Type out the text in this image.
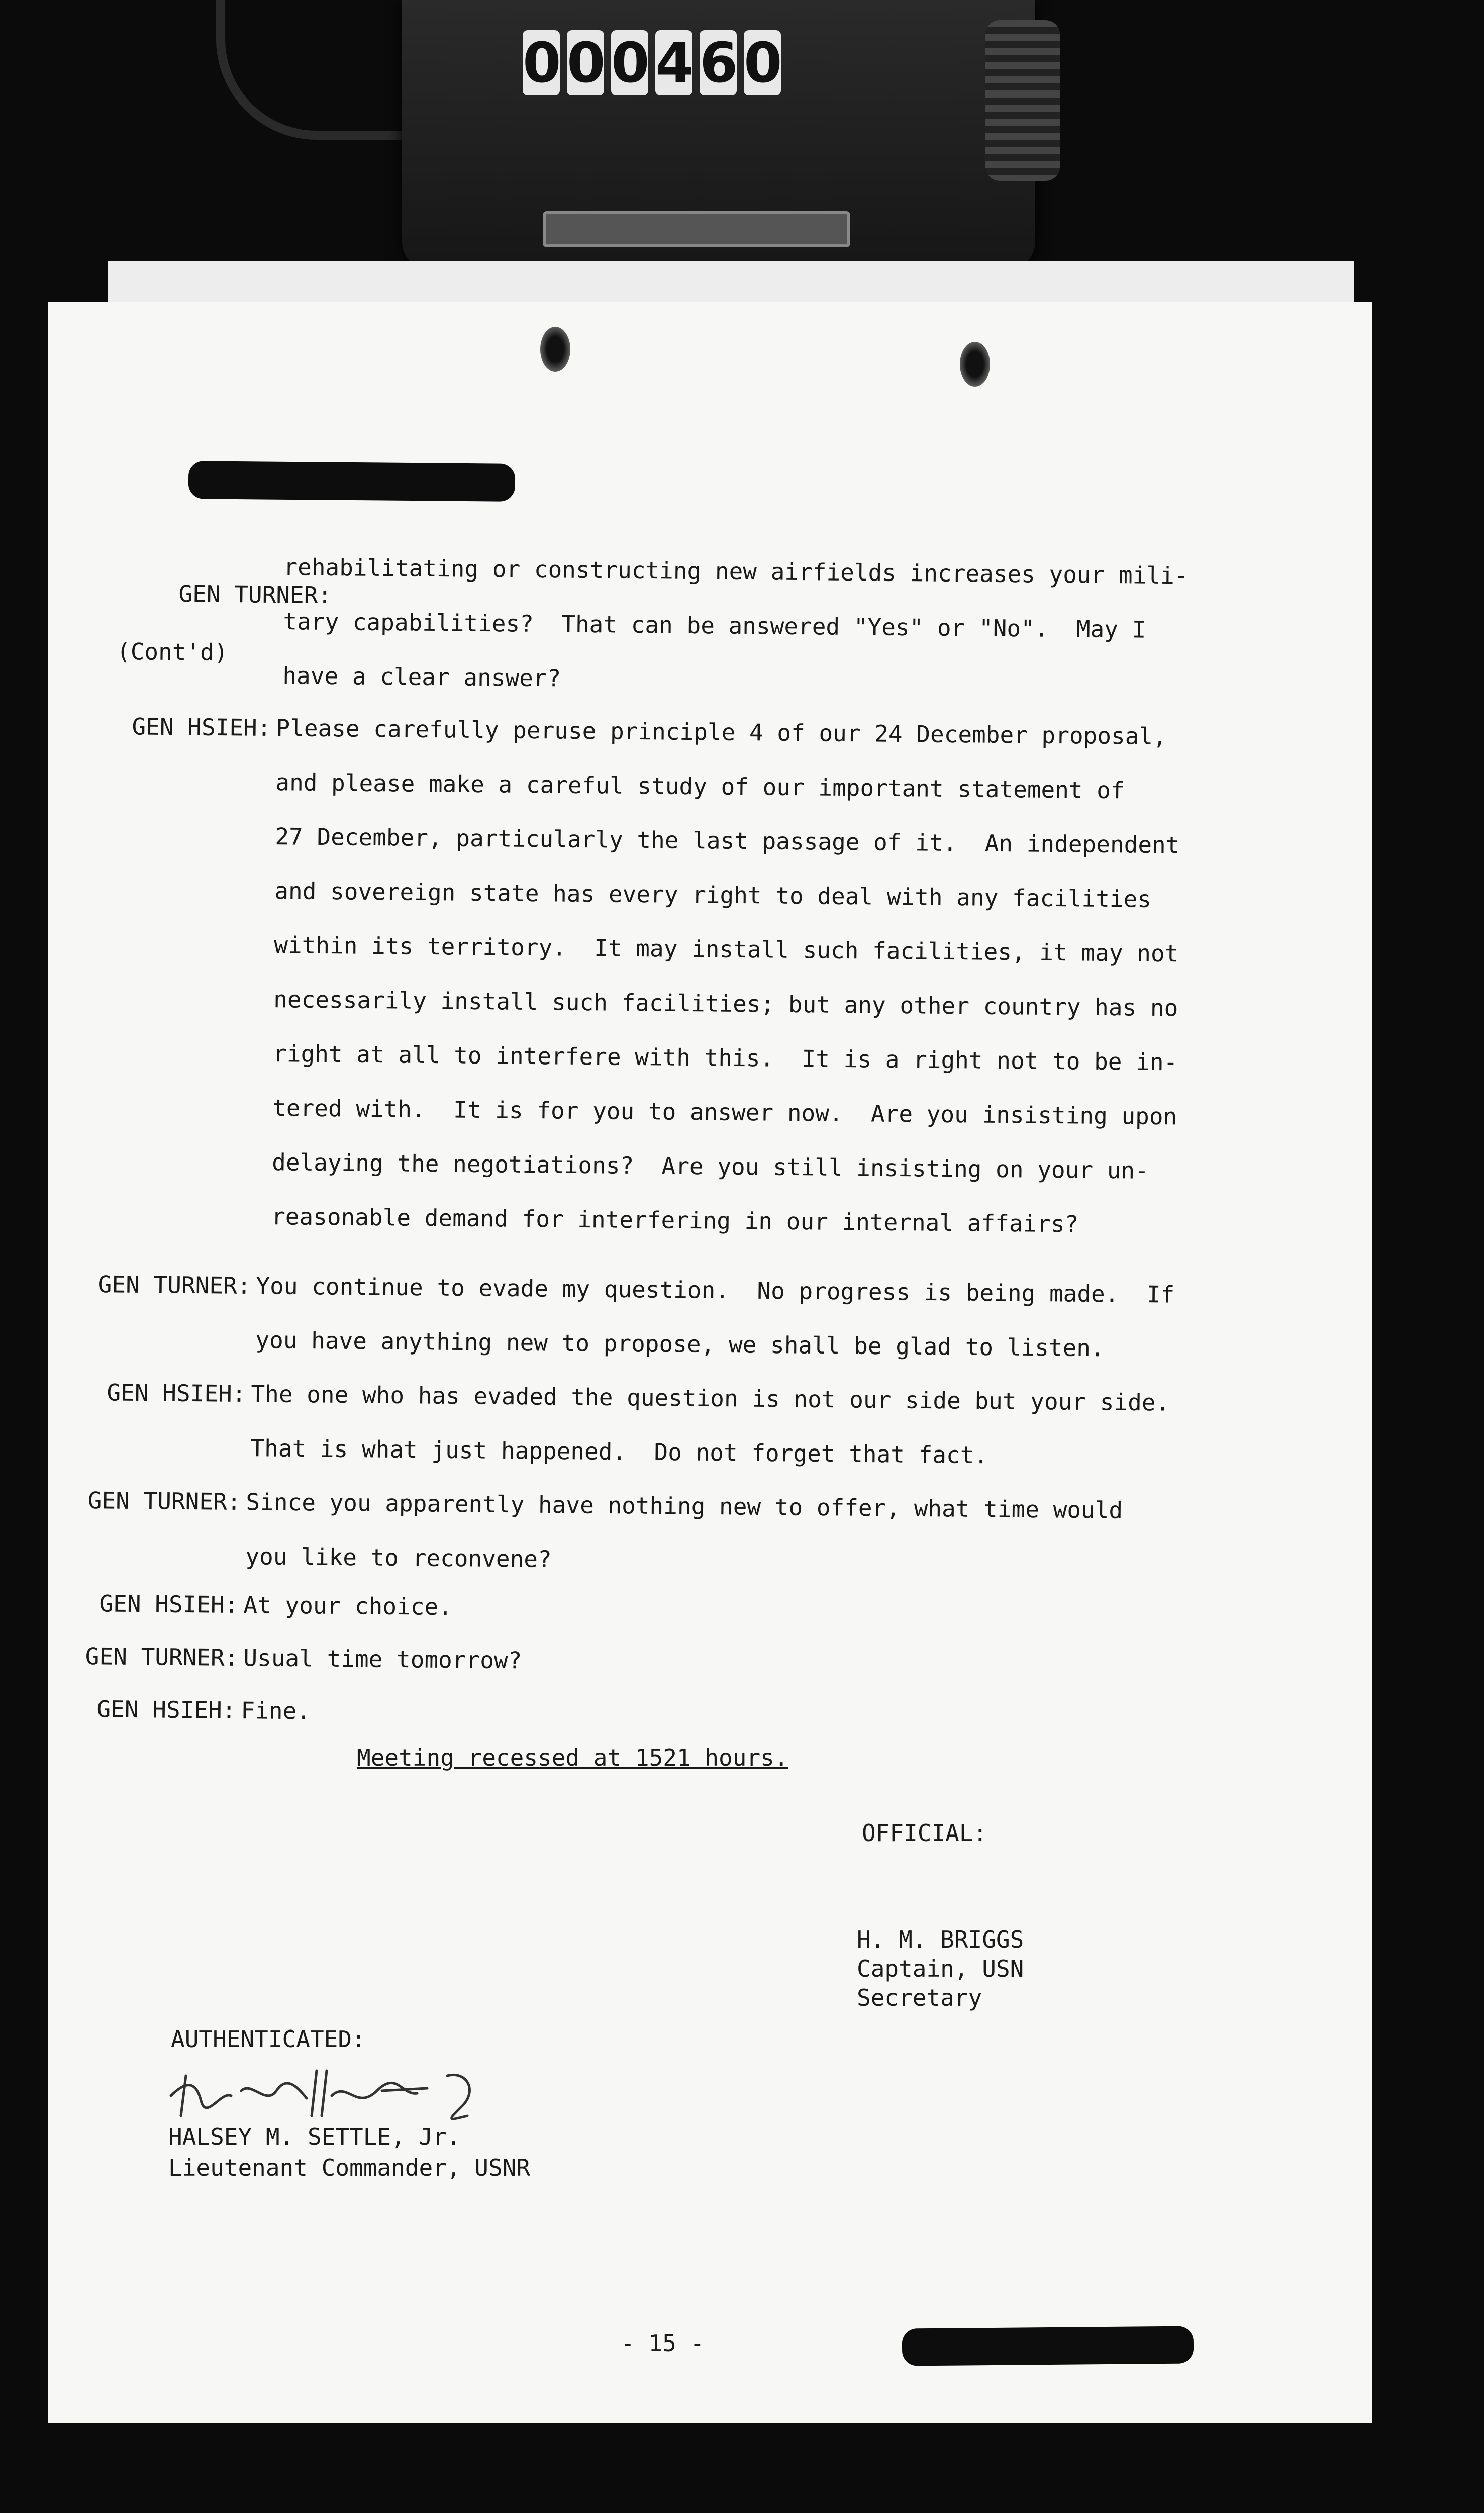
0 0 0 4 6 0

GEN TURNER:

(Cont'd)

rehabilitating or constructing new airfields increases your mili-
tary capabilities?  That can be answered "Yes" or "No".  May I
have a clear answer?
GEN HSIEH: Please carefully peruse principle 4 of our 24 December proposal,
and please make a careful study of our important statement of
27 December, particularly the last passage of it.  An independent
and sovereign state has every right to deal with any facilities
within its territory.  It may install such facilities, it may not
necessarily install such facilities; but any other country has no
right at all to interfere with this.  It is a right not to be in-
tered with.  It is for you to answer now.  Are you insisting upon
delaying the negotiations?  Are you still insisting on your un-
reasonable demand for interfering in our internal affairs?
GEN TURNER: You continue to evade my question.  No progress is being made.  If
you have anything new to propose, we shall be glad to listen.
GEN HSIEH: The one who has evaded the question is not our side but your side.
That is what just happened.  Do not forget that fact.
GEN TURNER: Since you apparently have nothing new to offer, what time would
you like to reconvene?
GEN HSIEH: At your choice.
GEN TURNER: Usual time tomorrow?
GEN HSIEH: Fine.
Meeting recessed at 1521 hours.
OFFICIAL:
H. M. BRIGGS
Captain, USN
Secretary
AUTHENTICATED:
HALSEY M. SETTLE, Jr.
Lieutenant Commander, USNR
- 15 -
